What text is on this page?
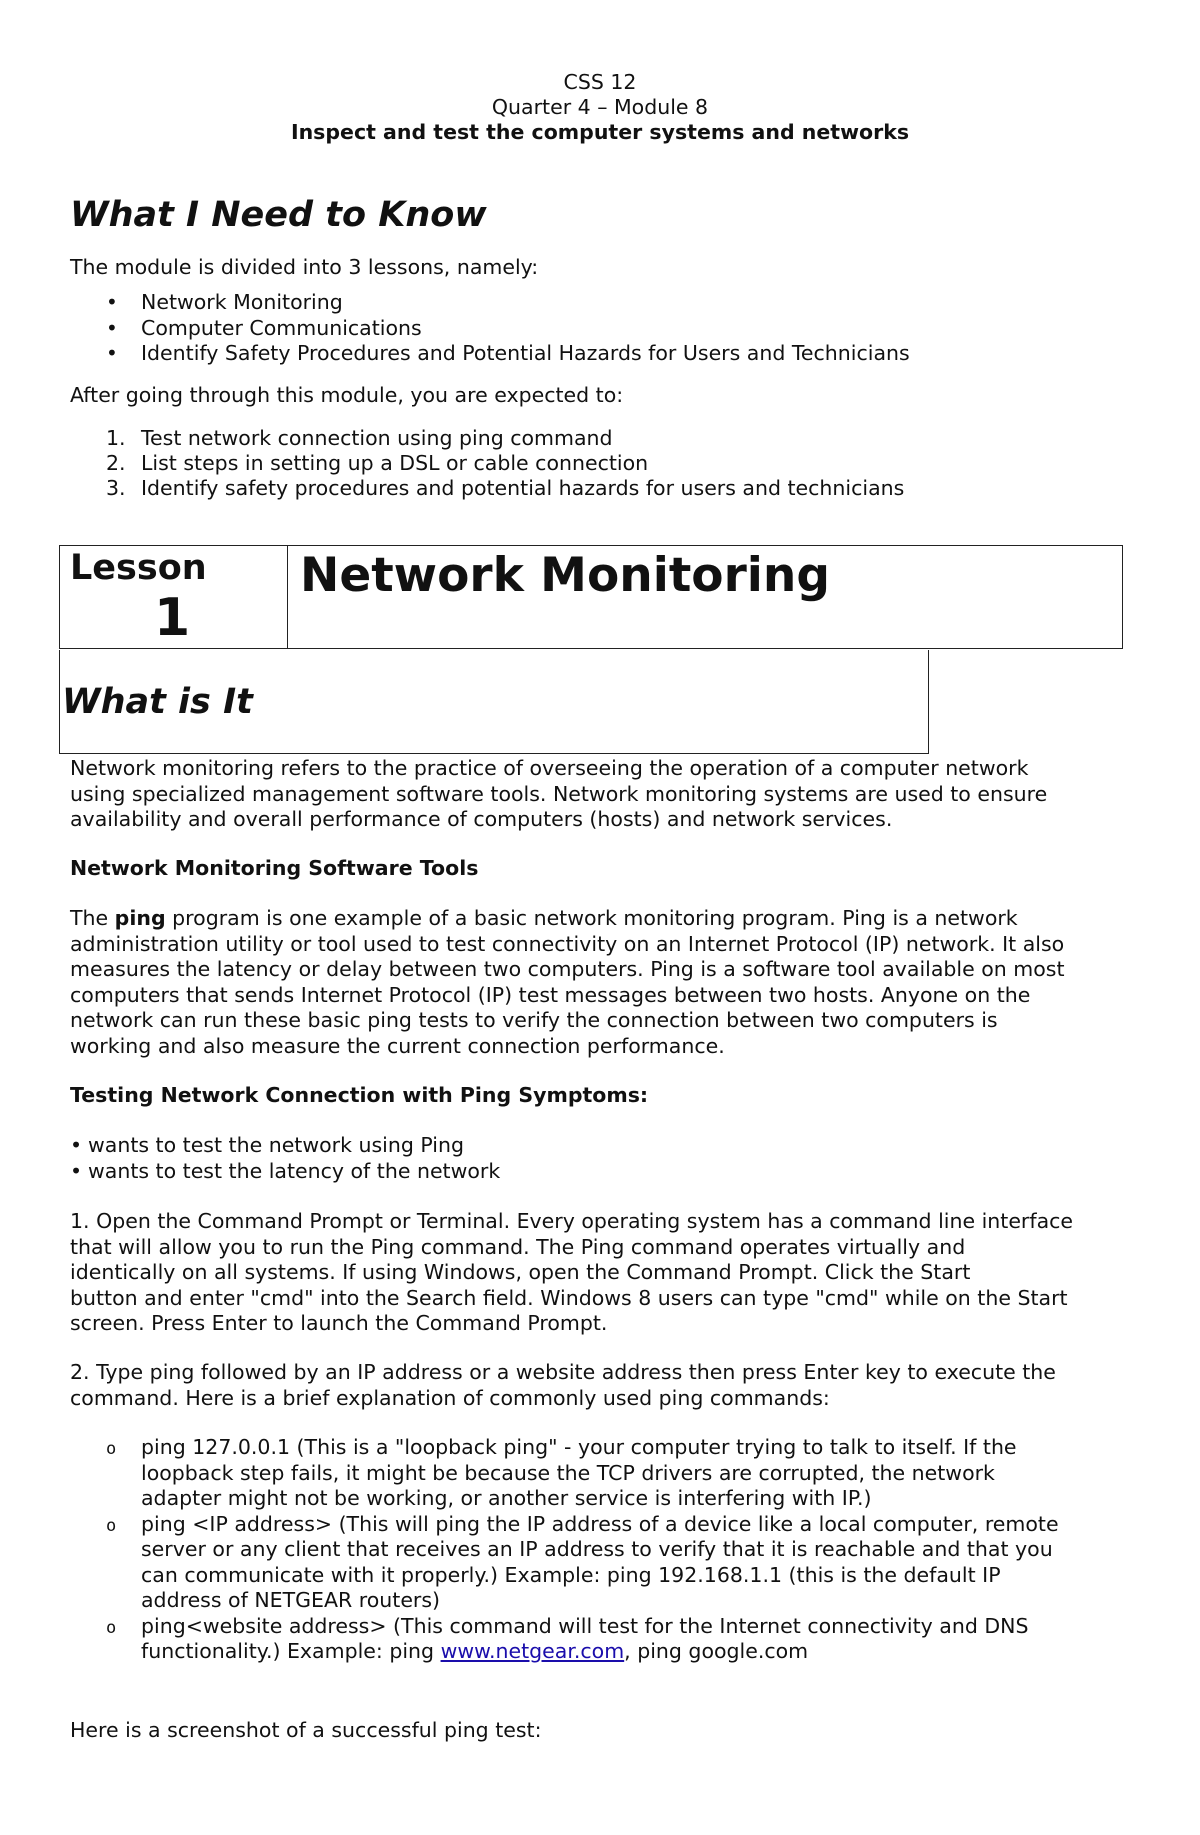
CSS 12
Quarter 4 – Module 8
Inspect and test the computer systems and networks
What I Need to Know
The module is divided into 3 lessons, namely:
• Network Monitoring
• Computer Communications
• Identify Safety Procedures and Potential Hazards for Users and Technicians
After going through this module, you are expected to:
1. Test network connection using ping command
2. List steps in setting up a DSL or cable connection
3. Identify safety procedures and potential hazards for users and technicians
Lesson
1
Network Monitoring
What is It
Network monitoring refers to the practice of overseeing the operation of a computer network
using specialized management software tools. Network monitoring systems are used to ensure
availability and overall performance of computers (hosts) and network services.
Network Monitoring Software Tools
The ping program is one example of a basic network monitoring program. Ping is a network
administration utility or tool used to test connectivity on an Internet Protocol (IP) network. It also
measures the latency or delay between two computers. Ping is a software tool available on most
computers that sends Internet Protocol (IP) test messages between two hosts. Anyone on the
network can run these basic ping tests to verify the connection between two computers is
working and also measure the current connection performance.
Testing Network Connection with Ping Symptoms:
• wants to test the network using Ping
• wants to test the latency of the network
1. Open the Command Prompt or Terminal. Every operating system has a command line interface
that will allow you to run the Ping command. The Ping command operates virtually and
identically on all systems. If using Windows, open the Command Prompt. Click the Start
button and enter "cmd" into the Search field. Windows 8 users can type "cmd" while on the Start
screen. Press Enter to launch the Command Prompt.
2. Type ping followed by an IP address or a website address then press Enter key to execute the
command. Here is a brief explanation of commonly used ping commands:
o ping 127.0.0.1 (This is a "loopback ping" - your computer trying to talk to itself. If the
loopback step fails, it might be because the TCP drivers are corrupted, the network
adapter might not be working, or another service is interfering with IP.)
o ping <IP address> (This will ping the IP address of a device like a local computer, remote
server or any client that receives an IP address to verify that it is reachable and that you
can communicate with it properly.) Example: ping 192.168.1.1 (this is the default IP
address of NETGEAR routers)
o ping<website address> (This command will test for the Internet connectivity and DNS
functionality.) Example: ping www.netgear.com, ping google.com
Here is a screenshot of a successful ping test:
